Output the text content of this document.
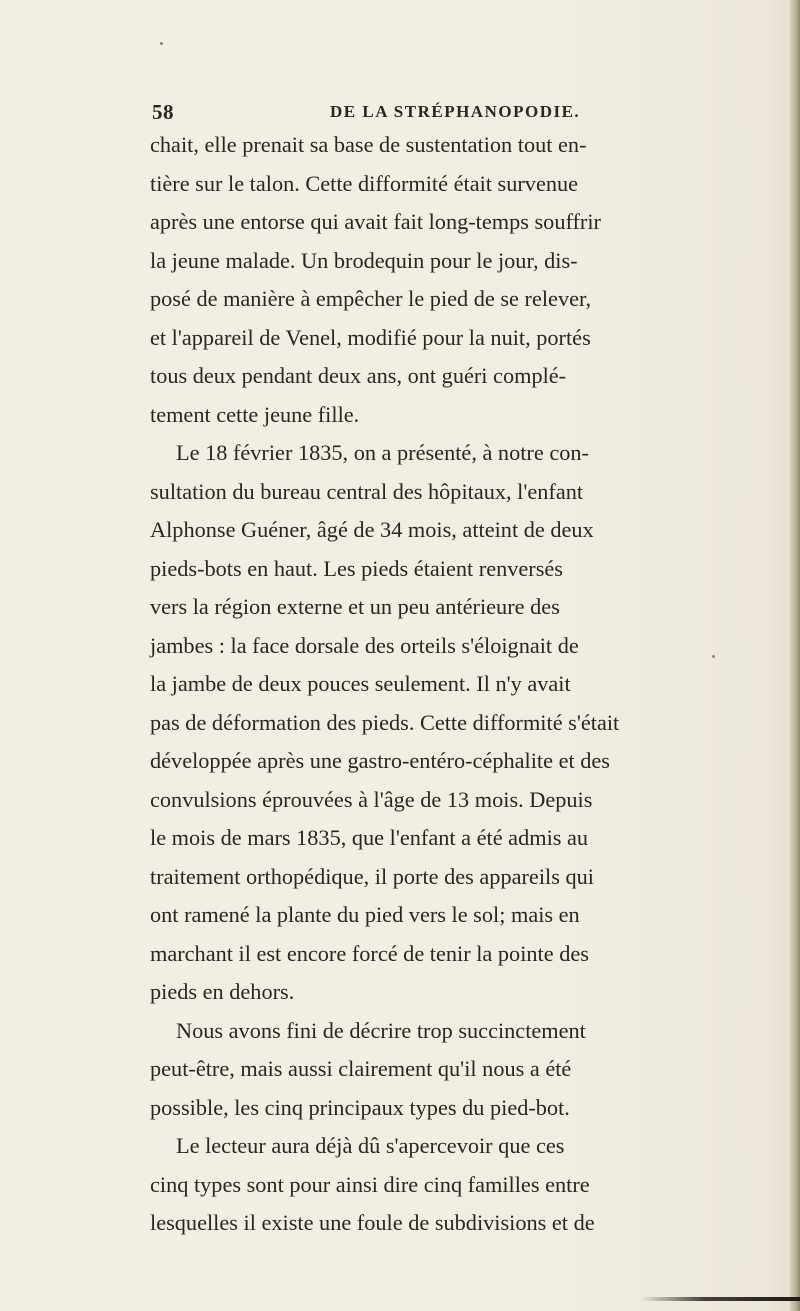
58	DE LA STRÉPHANOPODIE.
chait, elle prenait sa base de sustentation tout en-
tière sur le talon. Cette difformité était survenue
après une entorse qui avait fait long-temps souffrir
la jeune malade. Un brodequin pour le jour, dis-
posé de manière à empêcher le pied de se relever,
et l'appareil de Venel, modifié pour la nuit, portés
tous deux pendant deux ans, ont guéri complé-
tement cette jeune fille.
Le 18 février 1835, on a présenté, à notre con-
sultation du bureau central des hôpitaux, l'enfant
Alphonse Guéner, âgé de 34 mois, atteint de deux
pieds-bots en haut. Les pieds étaient renversés
vers la région externe et un peu antérieure des
jambes : la face dorsale des orteils s'éloignait de
la jambe de deux pouces seulement. Il n'y avait
pas de déformation des pieds. Cette difformité s'était
développée après une gastro-entéro-céphalite et des
convulsions éprouvées à l'âge de 13 mois. Depuis
le mois de mars 1835, que l'enfant a été admis au
traitement orthopédique, il porte des appareils qui
ont ramené la plante du pied vers le sol; mais en
marchant il est encore forcé de tenir la pointe des
pieds en dehors.
Nous avons fini de décrire trop succinctement
peut-être, mais aussi clairement qu'il nous a été
possible, les cinq principaux types du pied-bot.
Le lecteur aura déjà dû s'apercevoir que ces
cinq types sont pour ainsi dire cinq familles entre
lesquelles il existe une foule de subdivisions et de
